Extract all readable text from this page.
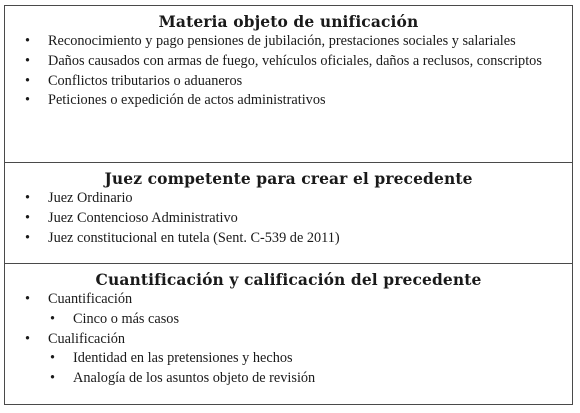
Materia objeto de unificación
• Reconocimiento y pago pensiones de jubilación, prestaciones sociales y salariales
• Daños causados con armas de fuego, vehículos oficiales, daños a reclusos, conscriptos
• Conflictos tributarios o aduaneros
• Peticiones o expedición de actos administrativos
Juez competente para crear el precedente
• Juez Ordinario
• Juez Contencioso Administrativo
• Juez constitucional en tutela (Sent. C-539 de 2011)
Cuantificación y calificación del precedente
• Cuantificación
• Cinco o más casos
• Cualificación
• Identidad en las pretensiones y hechos
• Analogía de los asuntos objeto de revisión
